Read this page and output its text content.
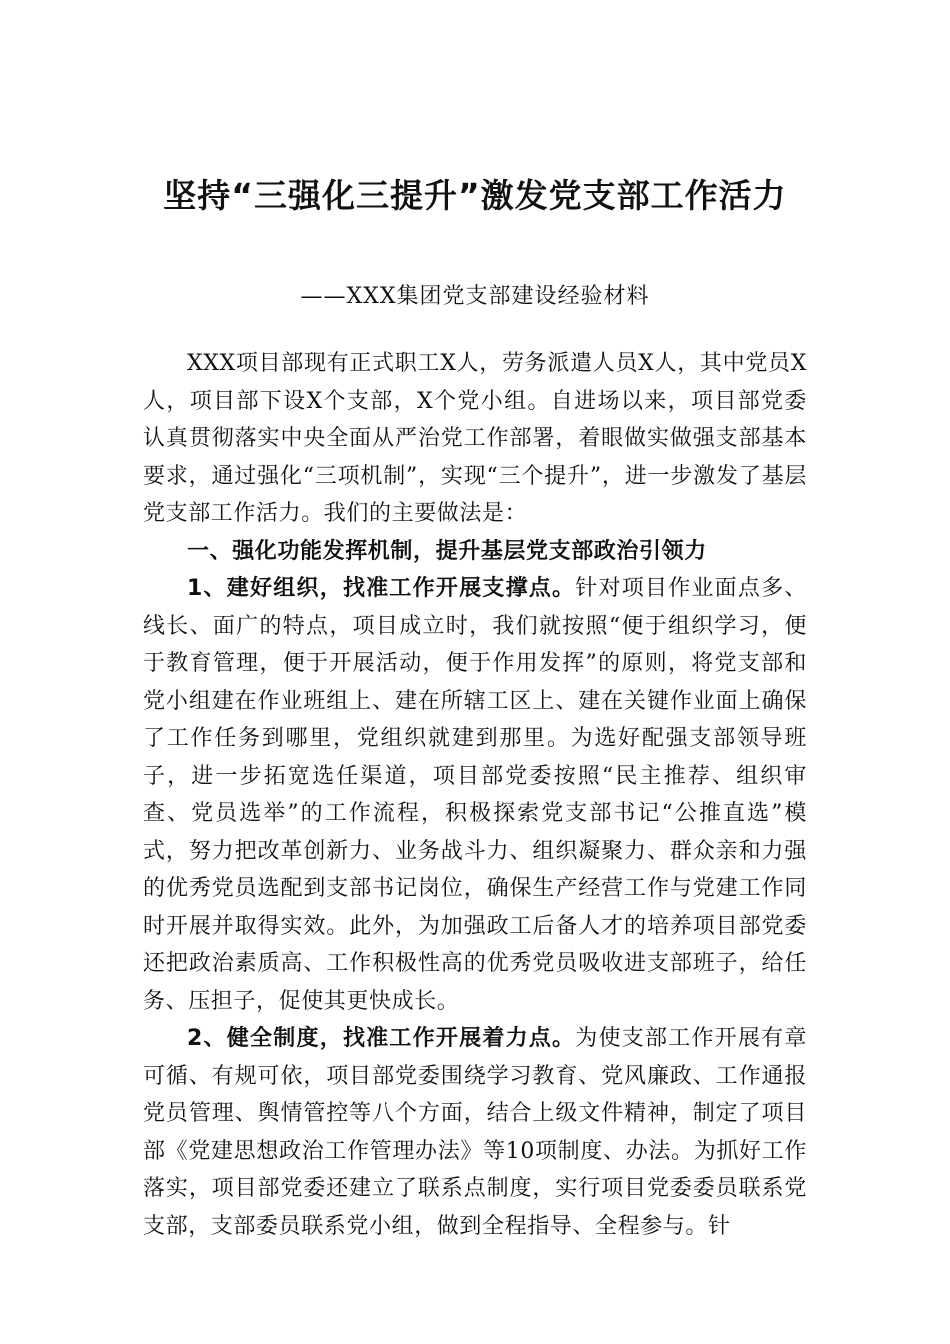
坚持“三强化三提升”激发党支部工作活力
——XXX集团党支部建设经验材料

XXX项目部现有正式职工X人，劳务派遣人员X人，其中党员X人，项目部下设X个支部，X个党小组。自进场以来，项目部党委认真贯彻落实中央全面从严治党工作部署，着眼做实做强支部基本要求，通过强化“三项机制”，实现“三个提升”，进一步激发了基层党支部工作活力。我们的主要做法是：

一、强化功能发挥机制，提升基层党支部政治引领力

1、建好组织，找准工作开展支撑点。针对项目作业面点多、线长、面广的特点，项目成立时，我们就按照“便于组织学习，便于教育管理，便于开展活动，便于作用发挥”的原则，将党支部和党小组建在作业班组上、建在所辖工区上、建在关键作业面上确保了工作任务到哪里，党组织就建到那里。为选好配强支部领导班子，进一步拓宽选任渠道，项目部党委按照“民主推荐、组织审查、党员选举”的工作流程，积极探索党支部书记“公推直选”模式，努力把改革创新力、业务战斗力、组织凝聚力、群众亲和力强的优秀党员选配到支部书记岗位，确保生产经营工作与党建工作同时开展并取得实效。此外，为加强政工后备人才的培养项目部党委还把政治素质高、工作积极性高的优秀党员吸收进支部班子，给任务、压担子，促使其更快成长。

2、健全制度，找准工作开展着力点。为使支部工作开展有章可循、有规可依，项目部党委围绕学习教育、党风廉政、工作通报党员管理、舆情管控等八个方面，结合上级文件精神，制定了项目部《党建思想政治工作管理办法》等10项制度、办法。为抓好工作落实，项目部党委还建立了联系点制度，实行项目党委委员联系党支部，支部委员联系党小组，做到全程指导、全程参与。针
